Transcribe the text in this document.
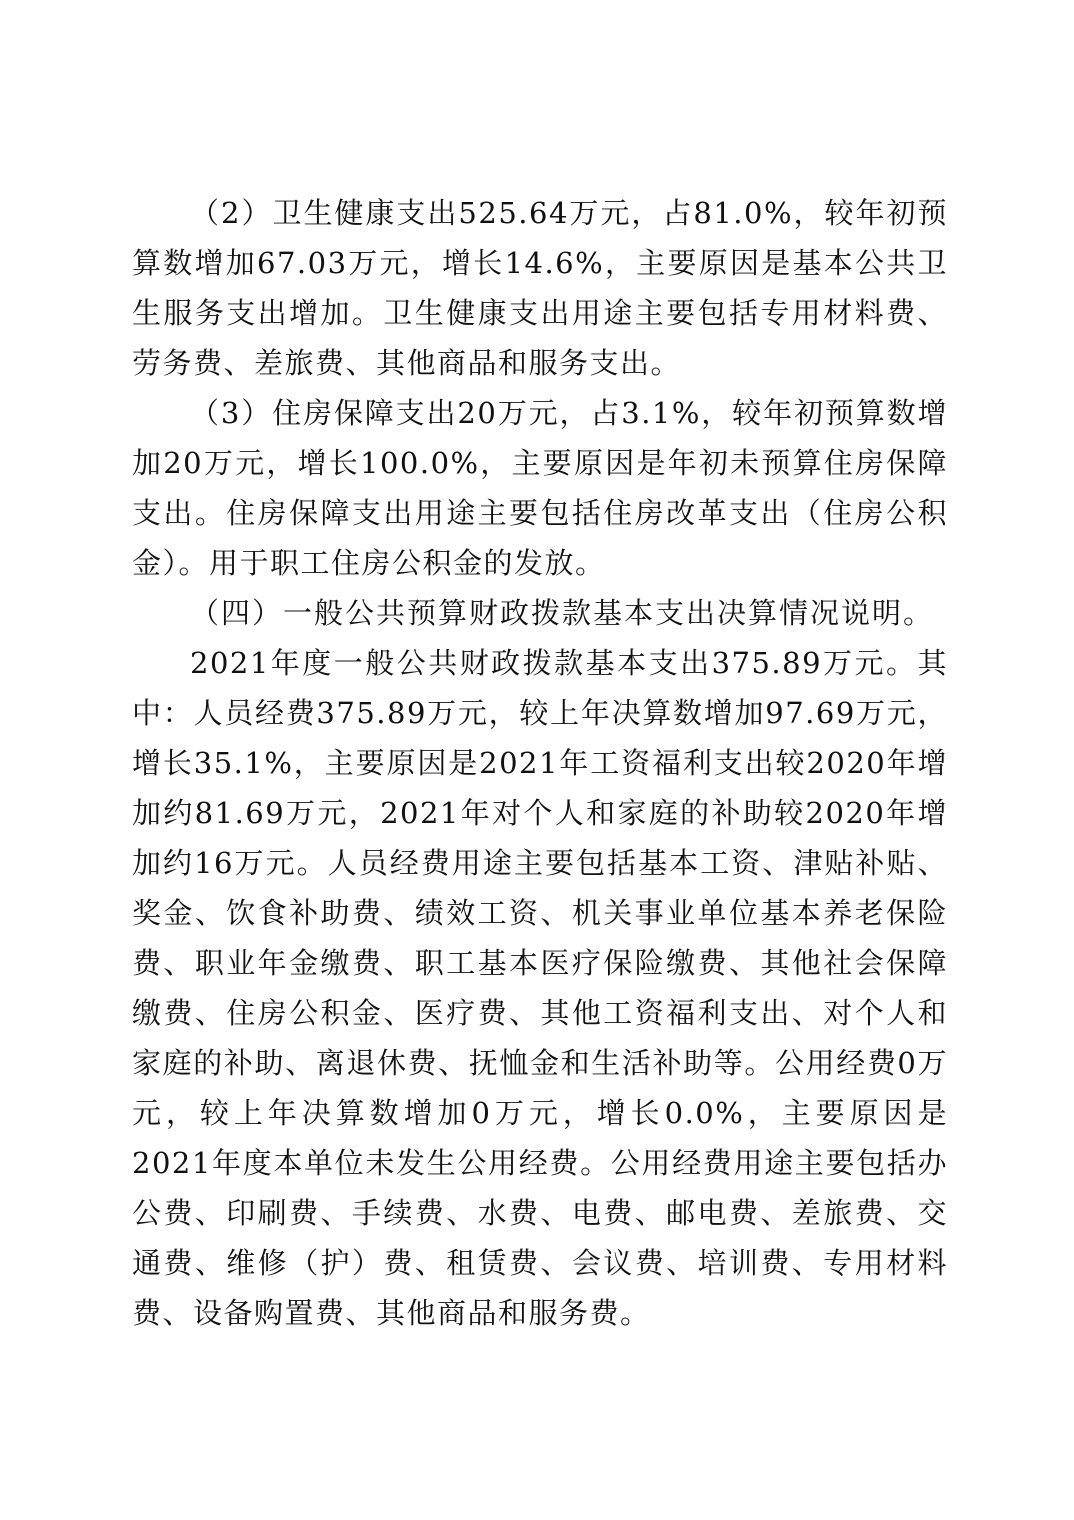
（2）卫生健康支出525.64万元，占81.0%，较年初预算数增加67.03万元，增长14.6%，主要原因是基本公共卫生服务支出增加。卫生健康支出用途主要包括专用材料费、劳务费、差旅费、其他商品和服务支出。

（3）住房保障支出20万元，占3.1%，较年初预算数增加20万元，增长100.0%，主要原因是年初未预算住房保障支出。住房保障支出用途主要包括住房改革支出（住房公积金）。用于职工住房公积金的发放。

（四）一般公共预算财政拨款基本支出决算情况说明。

2021年度一般公共财政拨款基本支出375.89万元。其中：人员经费375.89万元，较上年决算数增加97.69万元，增长35.1%，主要原因是2021年工资福利支出较2020年增加约81.69万元，2021年对个人和家庭的补助较2020年增加约16万元。人员经费用途主要包括基本工资、津贴补贴、奖金、饮食补助费、绩效工资、机关事业单位基本养老保险费、职业年金缴费、职工基本医疗保险缴费、其他社会保障缴费、住房公积金、医疗费、其他工资福利支出、对个人和家庭的补助、离退休费、抚恤金和生活补助等。公用经费0万元，较上年决算数增加0万元，增长0.0%，主要原因是2021年度本单位未发生公用经费。公用经费用途主要包括办公费、印刷费、手续费、水费、电费、邮电费、差旅费、交通费、维修（护）费、租赁费、会议费、培训费、专用材料费、设备购置费、其他商品和服务费。
